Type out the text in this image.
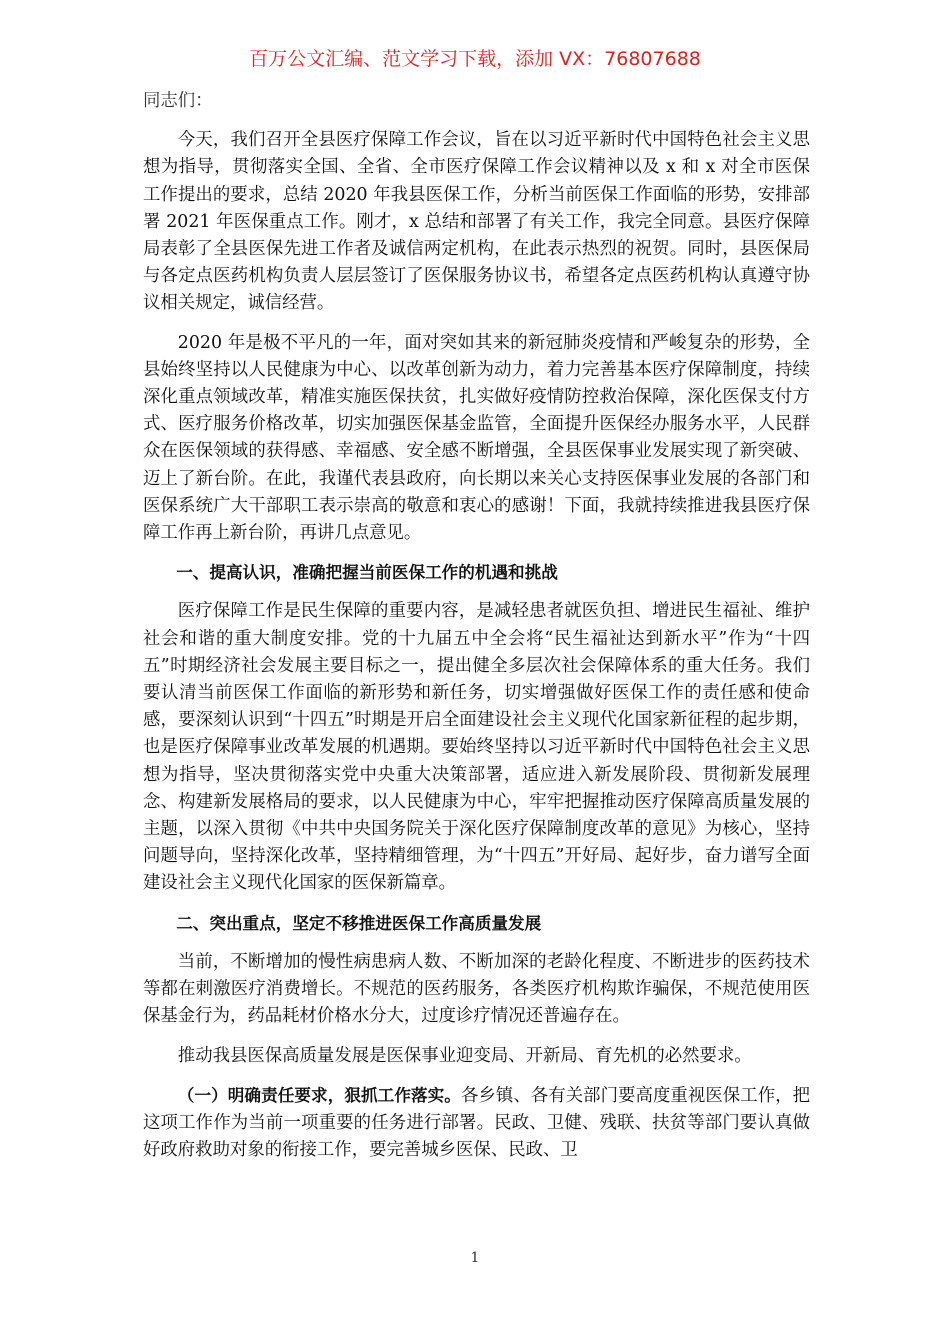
百万公文汇编、范文学习下载，添加 VX：76807688
同志们：

今天，我们召开全县医疗保障工作会议，旨在以习近平新时代中国特色社会主义思想为指导，贯彻落实全国、全省、全市医疗保障工作会议精神以及 x 和 x 对全市医保工作提出的要求，总结 2020 年我县医保工作，分析当前医保工作面临的形势，安排部署 2021 年医保重点工作。刚才，x 总结和部署了有关工作，我完全同意。县医疗保障局表彰了全县医保先进工作者及诚信两定机构，在此表示热烈的祝贺。同时，县医保局与各定点医药机构负责人层层签订了医保服务协议书，希望各定点医药机构认真遵守协议相关规定，诚信经营。

2020 年是极不平凡的一年，面对突如其来的新冠肺炎疫情和严峻复杂的形势，全县始终坚持以人民健康为中心、以改革创新为动力，着力完善基本医疗保障制度，持续深化重点领域改革，精准实施医保扶贫，扎实做好疫情防控救治保障，深化医保支付方式、医疗服务价格改革，切实加强医保基金监管，全面提升医保经办服务水平，人民群众在医保领域的获得感、幸福感、安全感不断增强，全县医保事业发展实现了新突破、迈上了新台阶。在此，我谨代表县政府，向长期以来关心支持医保事业发展的各部门和医保系统广大干部职工表示崇高的敬意和衷心的感谢！下面，我就持续推进我县医疗保障工作再上新台阶，再讲几点意见。

一、提高认识，准确把握当前医保工作的机遇和挑战

医疗保障工作是民生保障的重要内容，是减轻患者就医负担、增进民生福祉、维护社会和谐的重大制度安排。党的十九届五中全会将“民生福祉达到新水平”作为“十四五”时期经济社会发展主要目标之一，提出健全多层次社会保障体系的重大任务。我们要认清当前医保工作面临的新形势和新任务，切实增强做好医保工作的责任感和使命感，要深刻认识到“十四五”时期是开启全面建设社会主义现代化国家新征程的起步期，也是医疗保障事业改革发展的机遇期。要始终坚持以习近平新时代中国特色社会主义思想为指导，坚决贯彻落实党中央重大决策部署，适应进入新发展阶段、贯彻新发展理念、构建新发展格局的要求，以人民健康为中心，牢牢把握推动医疗保障高质量发展的主题，以深入贯彻《中共中央国务院关于深化医疗保障制度改革的意见》为核心，坚持问题导向，坚持深化改革，坚持精细管理，为“十四五”开好局、起好步，奋力谱写全面建设社会主义现代化国家的医保新篇章。

二、突出重点，坚定不移推进医保工作高质量发展

当前，不断增加的慢性病患病人数、不断加深的老龄化程度、不断进步的医药技术等都在刺激医疗消费增长。不规范的医药服务，各类医疗机构欺诈骗保，不规范使用医保基金行为，药品耗材价格水分大，过度诊疗情况还普遍存在。

推动我县医保高质量发展是医保事业迎变局、开新局、育先机的必然要求。

（一）明确责任要求，狠抓工作落实。各乡镇、各有关部门要高度重视医保工作，把这项工作作为当前一项重要的任务进行部署。民政、卫健、残联、扶贫等部门要认真做好政府救助对象的衔接工作，要完善城乡医保、民政、卫

1
